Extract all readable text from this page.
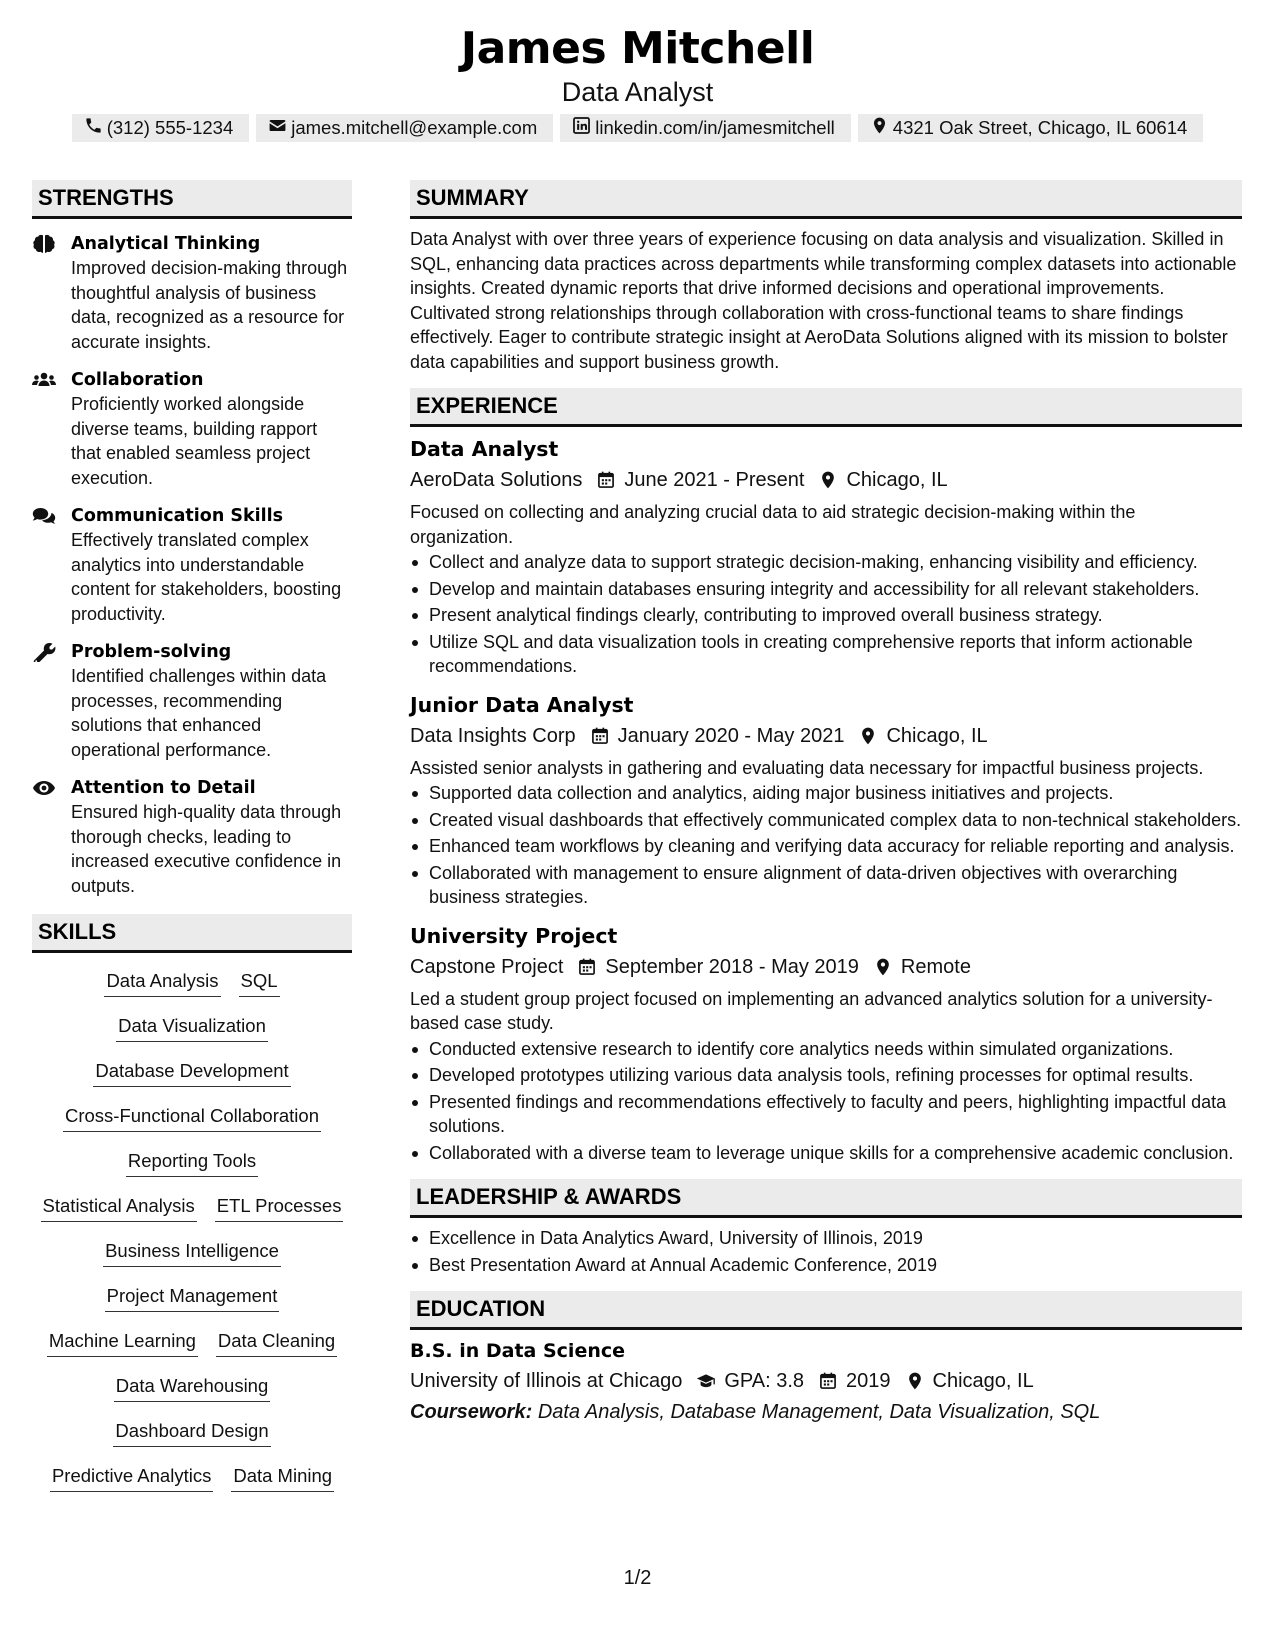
James Mitchell
Data Analyst
(312) 555-1234	james.mitchell@example.com	linkedin.com/in/jamesmitchell	4321 Oak Street, Chicago, IL 60614
STRENGTHS
Analytical Thinking
Improved decision-making through thoughtful analysis of business data, recognized as a resource for accurate insights.
Collaboration
Proficiently worked alongside diverse teams, building rapport that enabled seamless project execution.
Communication Skills
Effectively translated complex analytics into understandable content for stakeholders, boosting productivity.
Problem-solving
Identified challenges within data processes, recommending solutions that enhanced operational performance.
Attention to Detail
Ensured high-quality data through thorough checks, leading to increased executive confidence in outputs.
SKILLS
Data Analysis SQL
Data Visualization
Database Development
Cross-Functional Collaboration
Reporting Tools
Statistical Analysis ETL Processes
Business Intelligence
Project Management
Machine Learning Data Cleaning
Data Warehousing
Dashboard Design
Predictive Analytics Data Mining
SUMMARY
Data Analyst with over three years of experience focusing on data analysis and visualization. Skilled in SQL, enhancing data practices across departments while transforming complex datasets into actionable insights. Created dynamic reports that drive informed decisions and operational improvements. Cultivated strong relationships through collaboration with cross-functional teams to share findings effectively. Eager to contribute strategic insight at AeroData Solutions aligned with its mission to bolster data capabilities and support business growth.
EXPERIENCE
Data Analyst
AeroData Solutions June 2021 - Present Chicago, IL
Focused on collecting and analyzing crucial data to aid strategic decision-making within the organization.
Collect and analyze data to support strategic decision-making, enhancing visibility and efficiency.
Develop and maintain databases ensuring integrity and accessibility for all relevant stakeholders.
Present analytical findings clearly, contributing to improved overall business strategy.
Utilize SQL and data visualization tools in creating comprehensive reports that inform actionable recommendations.
Junior Data Analyst
Data Insights Corp January 2020 - May 2021 Chicago, IL
Assisted senior analysts in gathering and evaluating data necessary for impactful business projects.
Supported data collection and analytics, aiding major business initiatives and projects.
Created visual dashboards that effectively communicated complex data to non-technical stakeholders.
Enhanced team workflows by cleaning and verifying data accuracy for reliable reporting and analysis.
Collaborated with management to ensure alignment of data-driven objectives with overarching business strategies.
University Project
Capstone Project September 2018 - May 2019 Remote
Led a student group project focused on implementing an advanced analytics solution for a university-based case study.
Conducted extensive research to identify core analytics needs within simulated organizations.
Developed prototypes utilizing various data analysis tools, refining processes for optimal results.
Presented findings and recommendations effectively to faculty and peers, highlighting impactful data solutions.
Collaborated with a diverse team to leverage unique skills for a comprehensive academic conclusion.
LEADERSHIP & AWARDS
Excellence in Data Analytics Award, University of Illinois, 2019
Best Presentation Award at Annual Academic Conference, 2019
EDUCATION
B.S. in Data Science
University of Illinois at Chicago GPA: 3.8 2019 Chicago, IL
Coursework: Data Analysis, Database Management, Data Visualization, SQL
1/2
